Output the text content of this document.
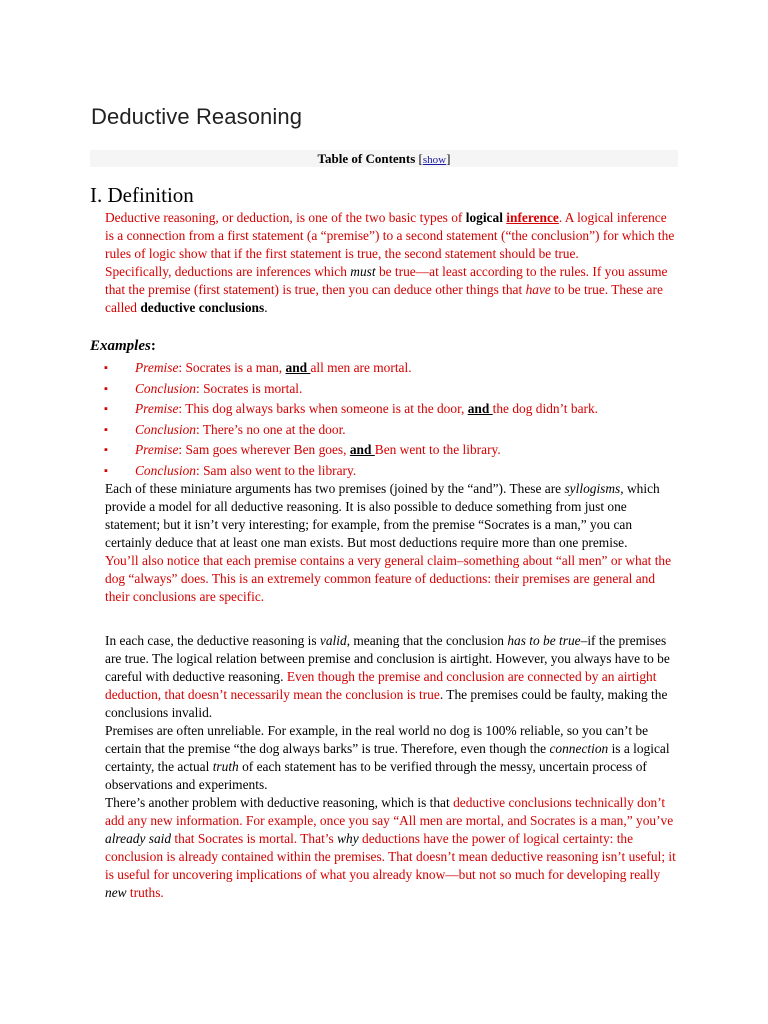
Deductive Reasoning
Table of Contents [show]
I. Definition

Deductive reasoning, or deduction, is one of the two basic types of logical inference. A logical inference is a connection from a first statement (a “premise”) to a second statement (“the conclusion”) for which the rules of logic show that if the first statement is true, the second statement should be true.

Specifically, deductions are inferences which must be true—at least according to the rules. If you assume that the premise (first statement) is true, then you can deduce other things that have to be true. These are called deductive conclusions.

Examples:
▪ Premise: Socrates is a man, and all men are mortal.
▪ Conclusion: Socrates is mortal.
▪ Premise: This dog always barks when someone is at the door, and the dog didn’t bark.
▪ Conclusion: There’s no one at the door.
▪ Premise: Sam goes wherever Ben goes, and Ben went to the library.
▪ Conclusion: Sam also went to the library.

Each of these miniature arguments has two premises (joined by the “and”). These are syllogisms, which provide a model for all deductive reasoning. It is also possible to deduce something from just one statement; but it isn’t very interesting; for example, from the premise “Socrates is a man,” you can certainly deduce that at least one man exists. But most deductions require more than one premise.

You’ll also notice that each premise contains a very general claim–something about “all men” or what the dog “always” does. This is an extremely common feature of deductions: their premises are general and their conclusions are specific.

In each case, the deductive reasoning is valid, meaning that the conclusion has to be true–if the premises are true. The logical relation between premise and conclusion is airtight. However, you always have to be careful with deductive reasoning. Even though the premise and conclusion are connected by an airtight deduction, that doesn’t necessarily mean the conclusion is true. The premises could be faulty, making the conclusions invalid.

Premises are often unreliable. For example, in the real world no dog is 100% reliable, so you can’t be certain that the premise “the dog always barks” is true. Therefore, even though the connection is a logical certainty, the actual truth of each statement has to be verified through the messy, uncertain process of observations and experiments.

There’s another problem with deductive reasoning, which is that deductive conclusions technically don’t add any new information. For example, once you say “All men are mortal, and Socrates is a man,” you’ve already said that Socrates is mortal. That’s why deductions have the power of logical certainty: the conclusion is already contained within the premises. That doesn’t mean deductive reasoning isn’t useful; it is useful for uncovering implications of what you already know—but not so much for developing really new truths.
